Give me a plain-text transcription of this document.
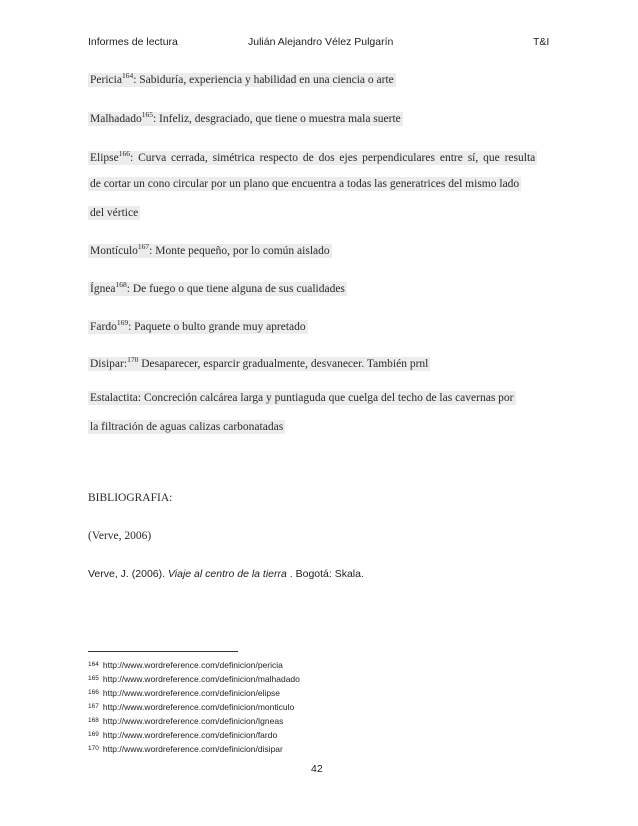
Informes de lectura	Julián Alejandro Vélez Pulgarín	T&I
Pericia$^{164}$: Sabiduría, experiencia y habilidad en una ciencia o arte
Malhadado$^{165}$: Infeliz, desgraciado, que tiene o muestra mala suerte
Elipse$^{166}$: Curva cerrada, simétrica respecto de dos ejes perpendiculares entre sí, que resulta
de cortar un cono circular por un plano que encuentra a todas las generatrices del mismo lado
del vértice
Montículo$^{167}$: Monte pequeño, por lo común aislado
Ígnea$^{168}$: De fuego o que tiene alguna de sus cualidades
Fardo$^{169}$: Paquete o bulto grande muy apretado
Disipar:$^{170}$ Desaparecer, esparcir gradualmente, desvanecer. También prnl
Estalactita: Concreción calcárea larga y puntiaguda que cuelga del techo de las cavernas por
la filtración de aguas calizas carbonatadas
BIBLIOGRAFIA:
(Verve, 2006)
Verve, J. (2006). Viaje al centro de la tierra . Bogotá: Skala.
$^{164}$ http://www.wordreference.com/definicion/pericia
$^{165}$ http://www.wordreference.com/definicion/malhadado
$^{166}$ http://www.wordreference.com/definicion/elipse
$^{167}$ http://www.wordreference.com/definicion/monticulo
$^{168}$ http://www.wordreference.com/definicion/Igneas
$^{169}$ http://www.wordreference.com/definicion/fardo
$^{170}$ http://www.wordreference.com/definicion/disipar
42
